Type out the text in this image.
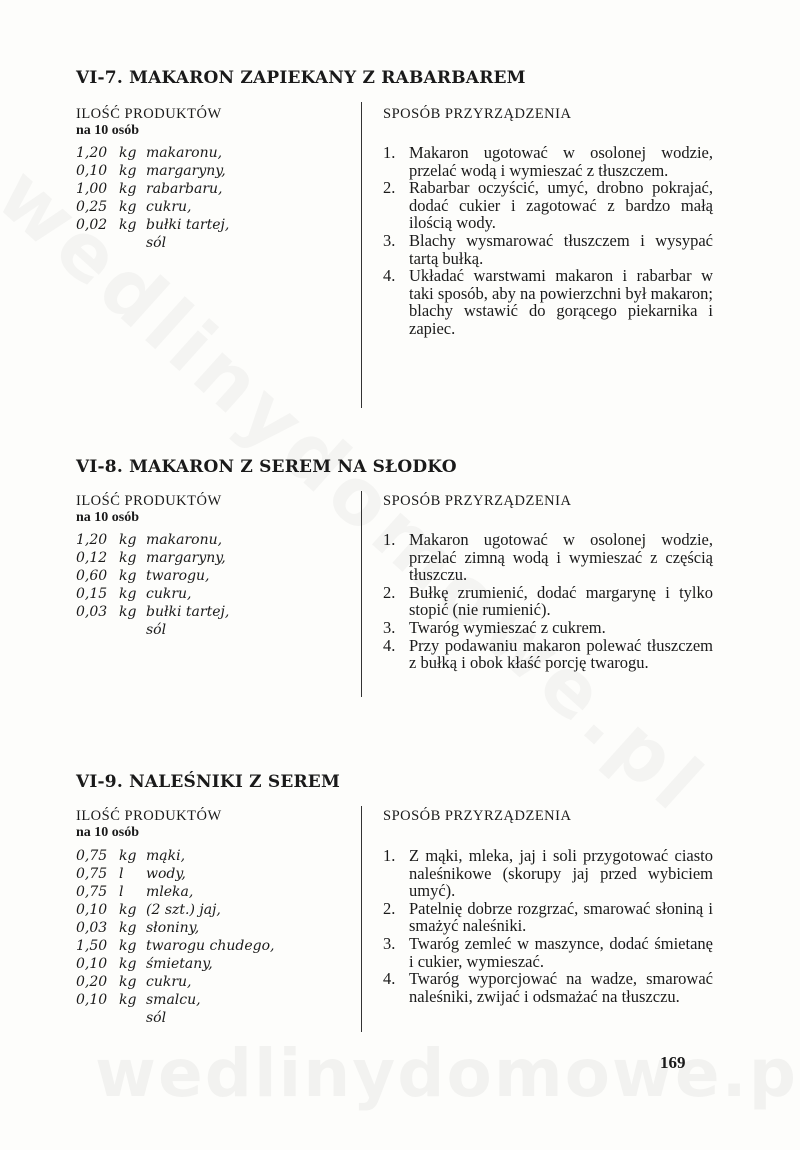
VI-7. MAKARON ZAPIEKANY Z RABARBAREM
ILOŚĆ PRODUKTÓW
na 10 osób
SPOSÓB PRZYRZĄDZENIA
1,20 kg makaronu,
0,10 kg margaryny,
1,00 kg rabarbaru,
0,25 kg cukru,
0,02 kg bułki tartej,
sól
1. Makaron ugotować w osolonej wodzie, przelać wodą i wymieszać z tłuszczem.
2. Rabarbar oczyścić, umyć, drobno pokrajać, dodać cukier i zagotować z bardzo małą ilością wody.
3. Blachy wysmarować tłuszczem i wysypać tartą bułką.
4. Układać warstwami makaron i rabarbar w taki sposób, aby na powierzchni był makaron; blachy wstawić do gorącego piekarnika i zapiec.
VI-8. MAKARON Z SEREM NA SŁODKO
ILOŚĆ PRODUKTÓW
na 10 osób
SPOSÓB PRZYRZĄDZENIA
1,20 kg makaronu,
0,12 kg margaryny,
0,60 kg twarogu,
0,15 kg cukru,
0,03 kg bułki tartej,
sól
1. Makaron ugotować w osolonej wodzie, przelać zimną wodą i wymieszać z częścią tłuszczu.
2. Bułkę zrumienić, dodać margarynę i tylko stopić (nie rumienić).
3. Twaróg wymieszać z cukrem.
4. Przy podawaniu makaron polewać tłuszczem z bułką i obok kłaść porcję twarogu.
VI-9. NALEŚNIKI Z SEREM
ILOŚĆ PRODUKTÓW
na 10 osób
SPOSÓB PRZYRZĄDZENIA
0,75 kg mąki,
0,75 l wody,
0,75 l mleka,
0,10 kg (2 szt.) jaj,
0,03 kg słoniny,
1,50 kg twarogu chudego,
0,10 kg śmietany,
0,20 kg cukru,
0,10 kg smalcu,
sól
1. Z mąki, mleka, jaj i soli przygotować ciasto naleśnikowe (skorupy jaj przed wybiciem umyć).
2. Patelnię dobrze rozgrzać, smarować słoniną i smażyć naleśniki.
3. Twaróg zemleć w maszynce, dodać śmietanę i cukier, wymieszać.
4. Twaróg wyporcjować na wadze, smarować naleśniki, zwijać i odsmażać na tłuszczu.
169
